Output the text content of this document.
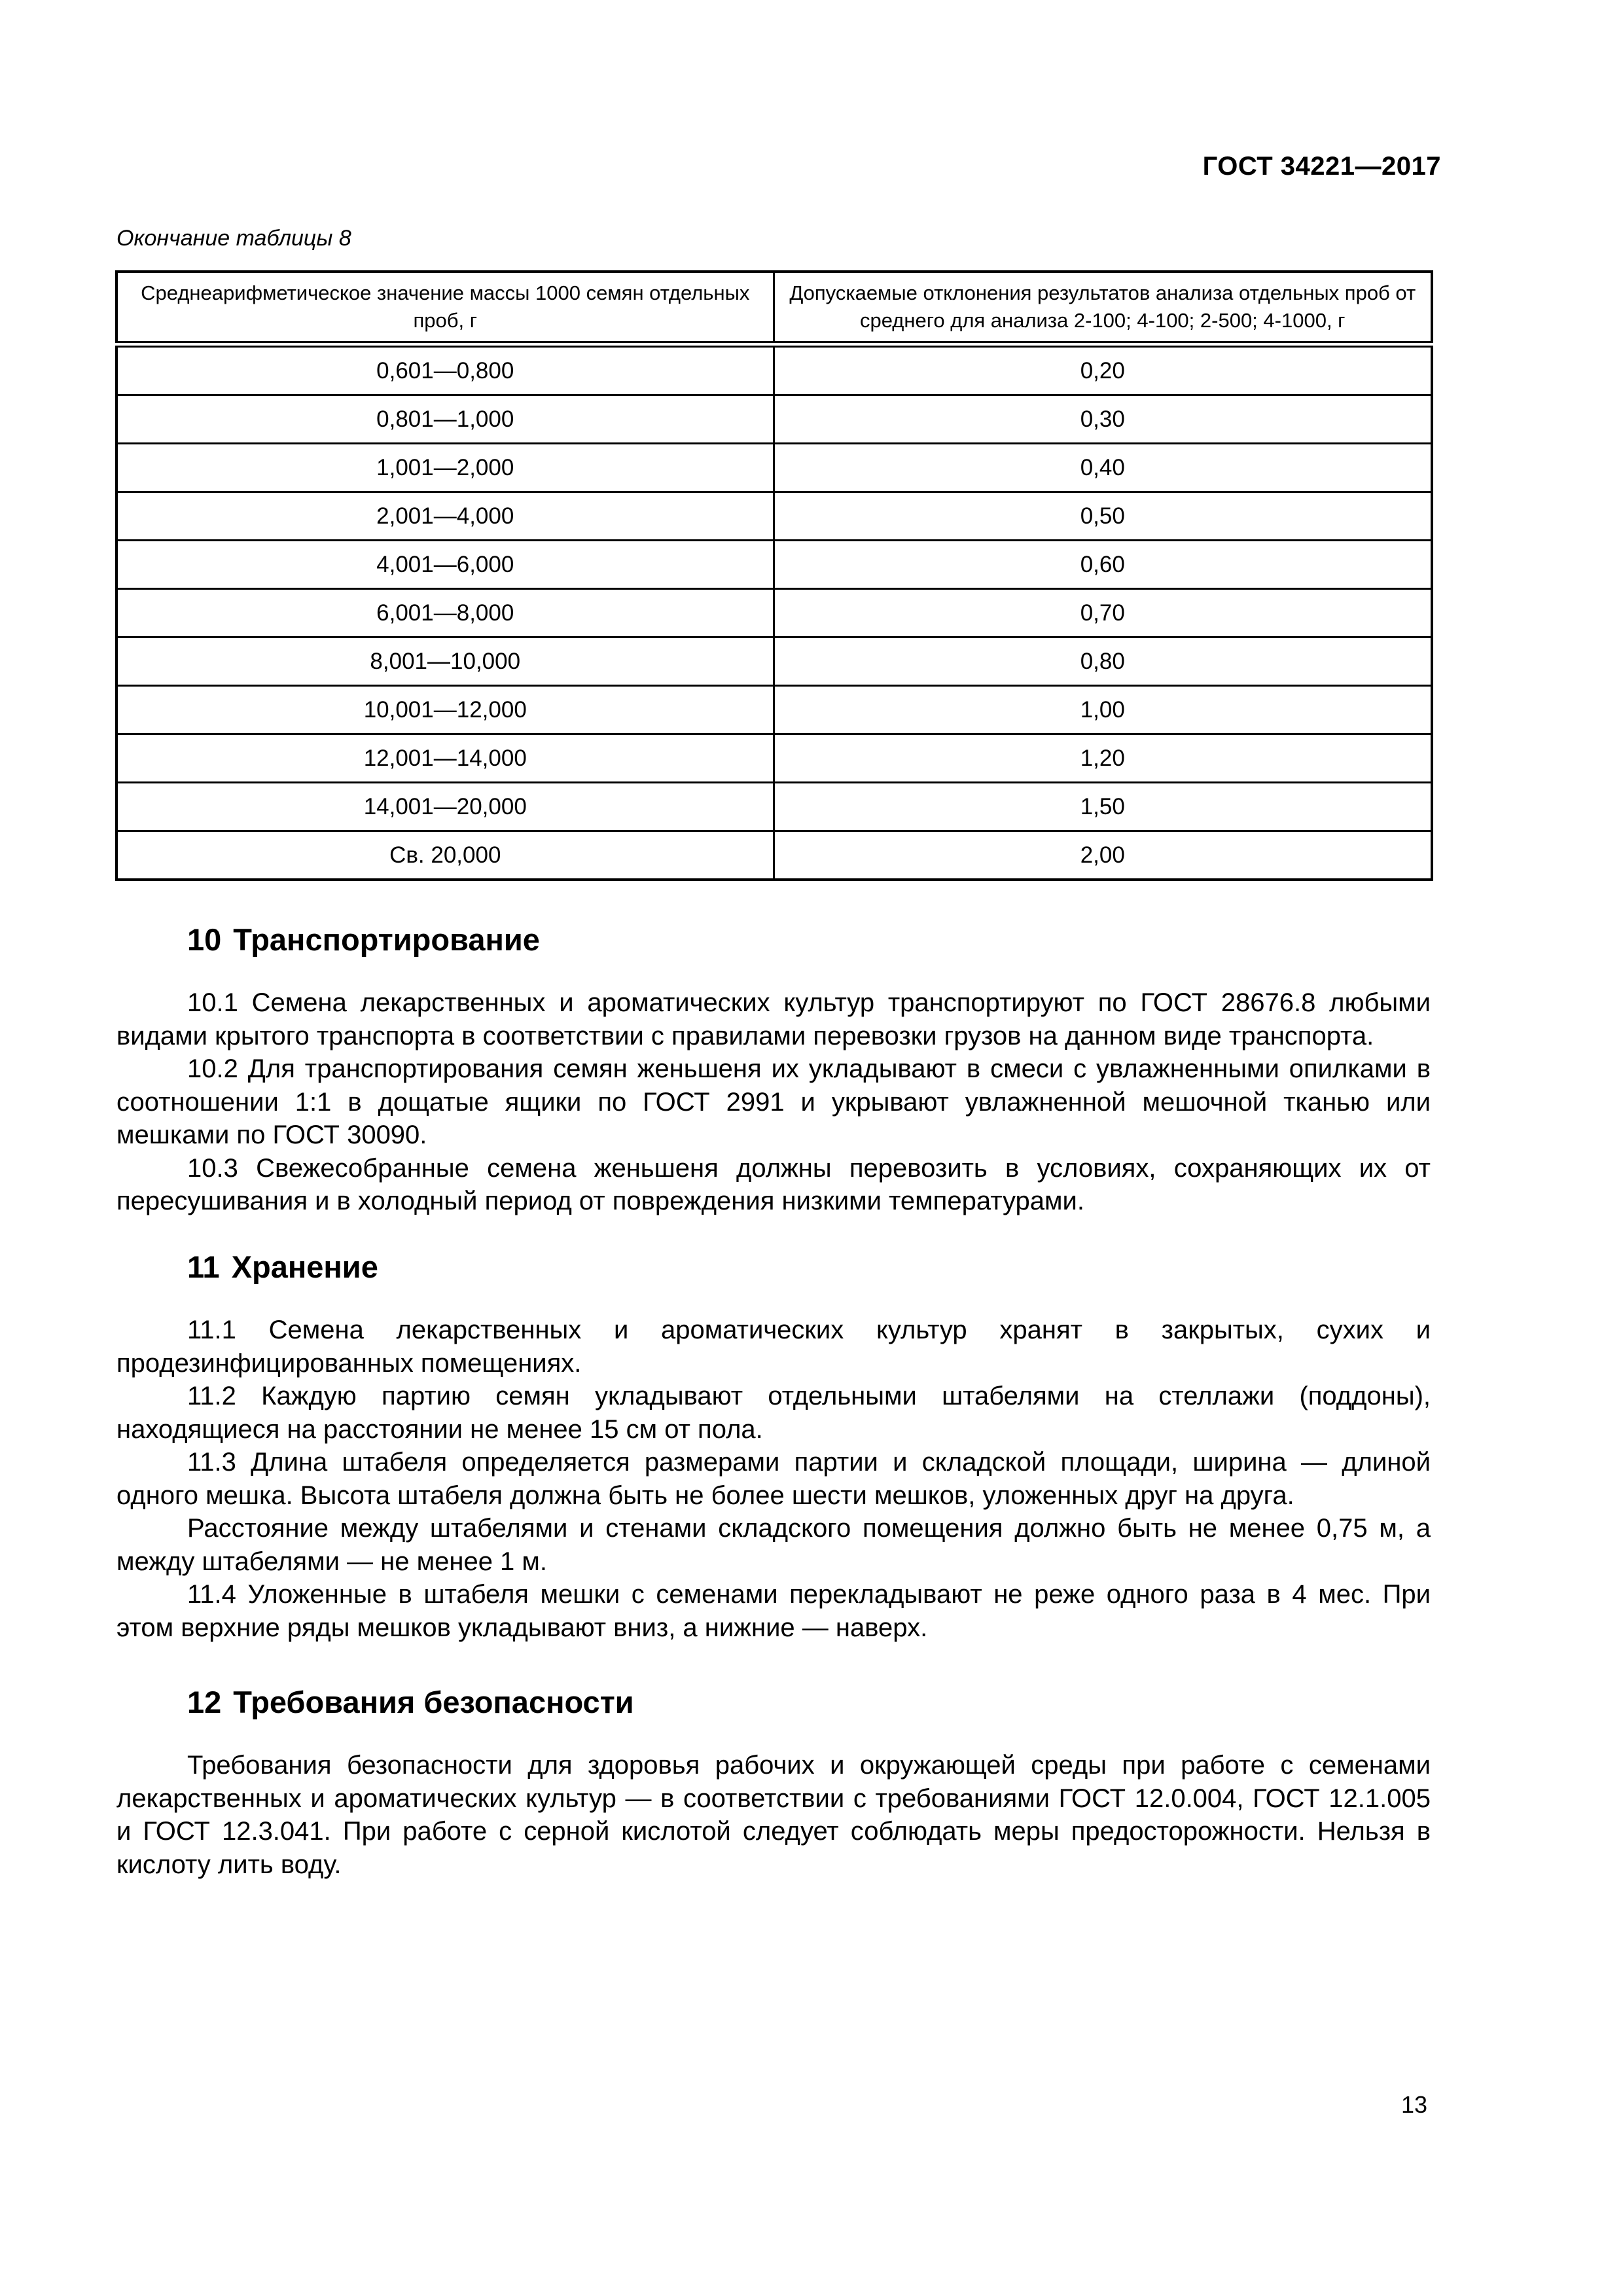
ГОСТ 34221—2017
Окончание таблицы 8
Среднеарифметическое значение массы 1000 семян отдельных проб, г	Допускаемые отклонения результатов анализа отдельных проб от среднего для анализа 2-100; 4-100; 2-500; 4-1000, г
0,601—0,800	0,20
0,801—1,000	0,30
1,001—2,000	0,40
2,001—4,000	0,50
4,001—6,000	0,60
6,001—8,000	0,70
8,001—10,000	0,80
10,001—12,000	1,00
12,001—14,000	1,20
14,001—20,000	1,50
Св. 20,000	2,00
10 Транспортирование

10.1 Семена лекарственных и ароматических культур транспортируют по ГОСТ 28676.8 любыми видами крытого транспорта в соответствии с правилами перевозки грузов на данном виде транспорта.

10.2 Для транспортирования семян женьшеня их укладывают в смеси с увлажненными опилками в соотношении 1:1 в дощатые ящики по ГОСТ 2991 и укрывают увлажненной мешочной тканью или мешками по ГОСТ 30090.

10.3 Свежесобранные семена женьшеня должны перевозить в условиях, сохраняющих их от пересушивания и в холодный период от повреждения низкими температурами.

11 Хранение

11.1 Семена лекарственных и ароматических культур хранят в закрытых, сухих и продезинфицированных помещениях.

11.2 Каждую партию семян укладывают отдельными штабелями на стеллажи (поддоны), находящиеся на расстоянии не менее 15 см от пола.

11.3 Длина штабеля определяется размерами партии и складской площади, ширина — длиной одного мешка. Высота штабеля должна быть не более шести мешков, уложенных друг на друга.

Расстояние между штабелями и стенами складского помещения должно быть не менее 0,75 м, а между штабелями — не менее 1 м.

11.4 Уложенные в штабеля мешки с семенами перекладывают не реже одного раза в 4 мес. При этом верхние ряды мешков укладывают вниз, а нижние — наверх.

12 Требования безопасности

Требования безопасности для здоровья рабочих и окружающей среды при работе с семенами лекарственных и ароматических культур — в соответствии с требованиями ГОСТ 12.0.004, ГОСТ 12.1.005 и ГОСТ 12.3.041. При работе с серной кислотой следует соблюдать меры предосторожности. Нельзя в кислоту лить воду.

13
